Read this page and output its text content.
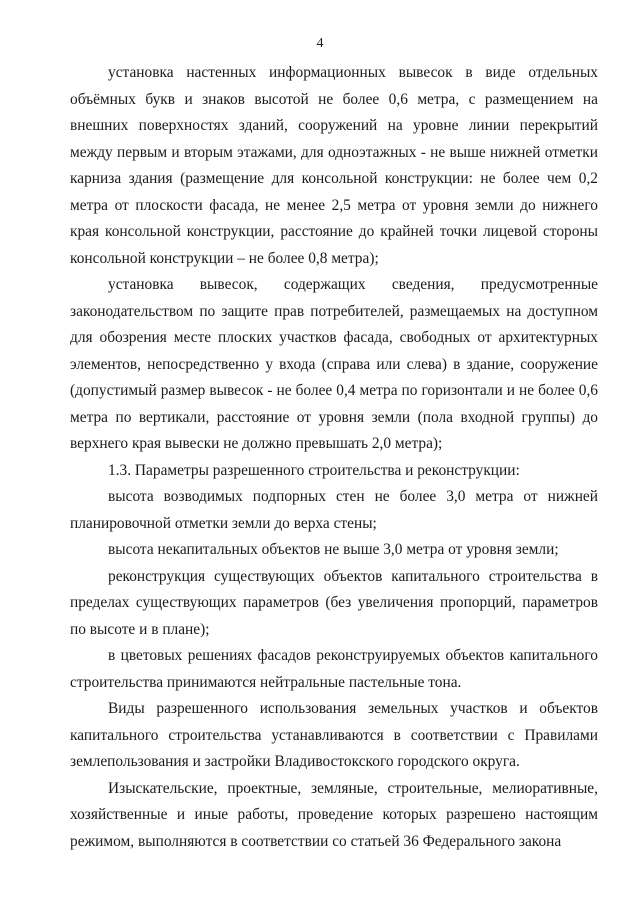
4

установка настенных информационных вывесок в виде отдельных объёмных букв и знаков высотой не более 0,6 метра, с размещением на внешних поверхностях зданий, сооружений на уровне линии перекрытий между первым и вторым этажами, для одноэтажных - не выше нижней отметки карниза здания (размещение для консольной конструкции: не более чем 0,2 метра от плоскости фасада, не менее 2,5 метра от уровня земли до нижнего края консольной конструкции, расстояние до крайней точки лицевой стороны консольной конструкции – не более 0,8 метра);

установка вывесок, содержащих сведения, предусмотренные законодательством по защите прав потребителей, размещаемых на доступном для обозрения месте плоских участков фасада, свободных от архитектурных элементов, непосредственно у входа (справа или слева) в здание, сооружение (допустимый размер вывесок - не более 0,4 метра по горизонтали и не более 0,6 метра по вертикали, расстояние от уровня земли (пола входной группы) до верхнего края вывески не должно превышать 2,0 метра);

1.3. Параметры разрешенного строительства и реконструкции:

высота возводимых подпорных стен не более 3,0 метра от нижней планировочной отметки земли до верха стены;

высота некапитальных объектов не выше 3,0 метра от уровня земли;

реконструкция существующих объектов капитального строительства в пределах существующих параметров (без увеличения пропорций, параметров по высоте и в плане);

в цветовых решениях фасадов реконструируемых объектов капитального строительства принимаются нейтральные пастельные тона.

Виды разрешенного использования земельных участков и объектов капитального строительства устанавливаются в соответствии с Правилами землепользования и застройки Владивостокского городского округа.

Изыскательские, проектные, земляные, строительные, мелиоративные, хозяйственные и иные работы, проведение которых разрешено настоящим режимом, выполняются в соответствии со статьей 36 Федерального закона
